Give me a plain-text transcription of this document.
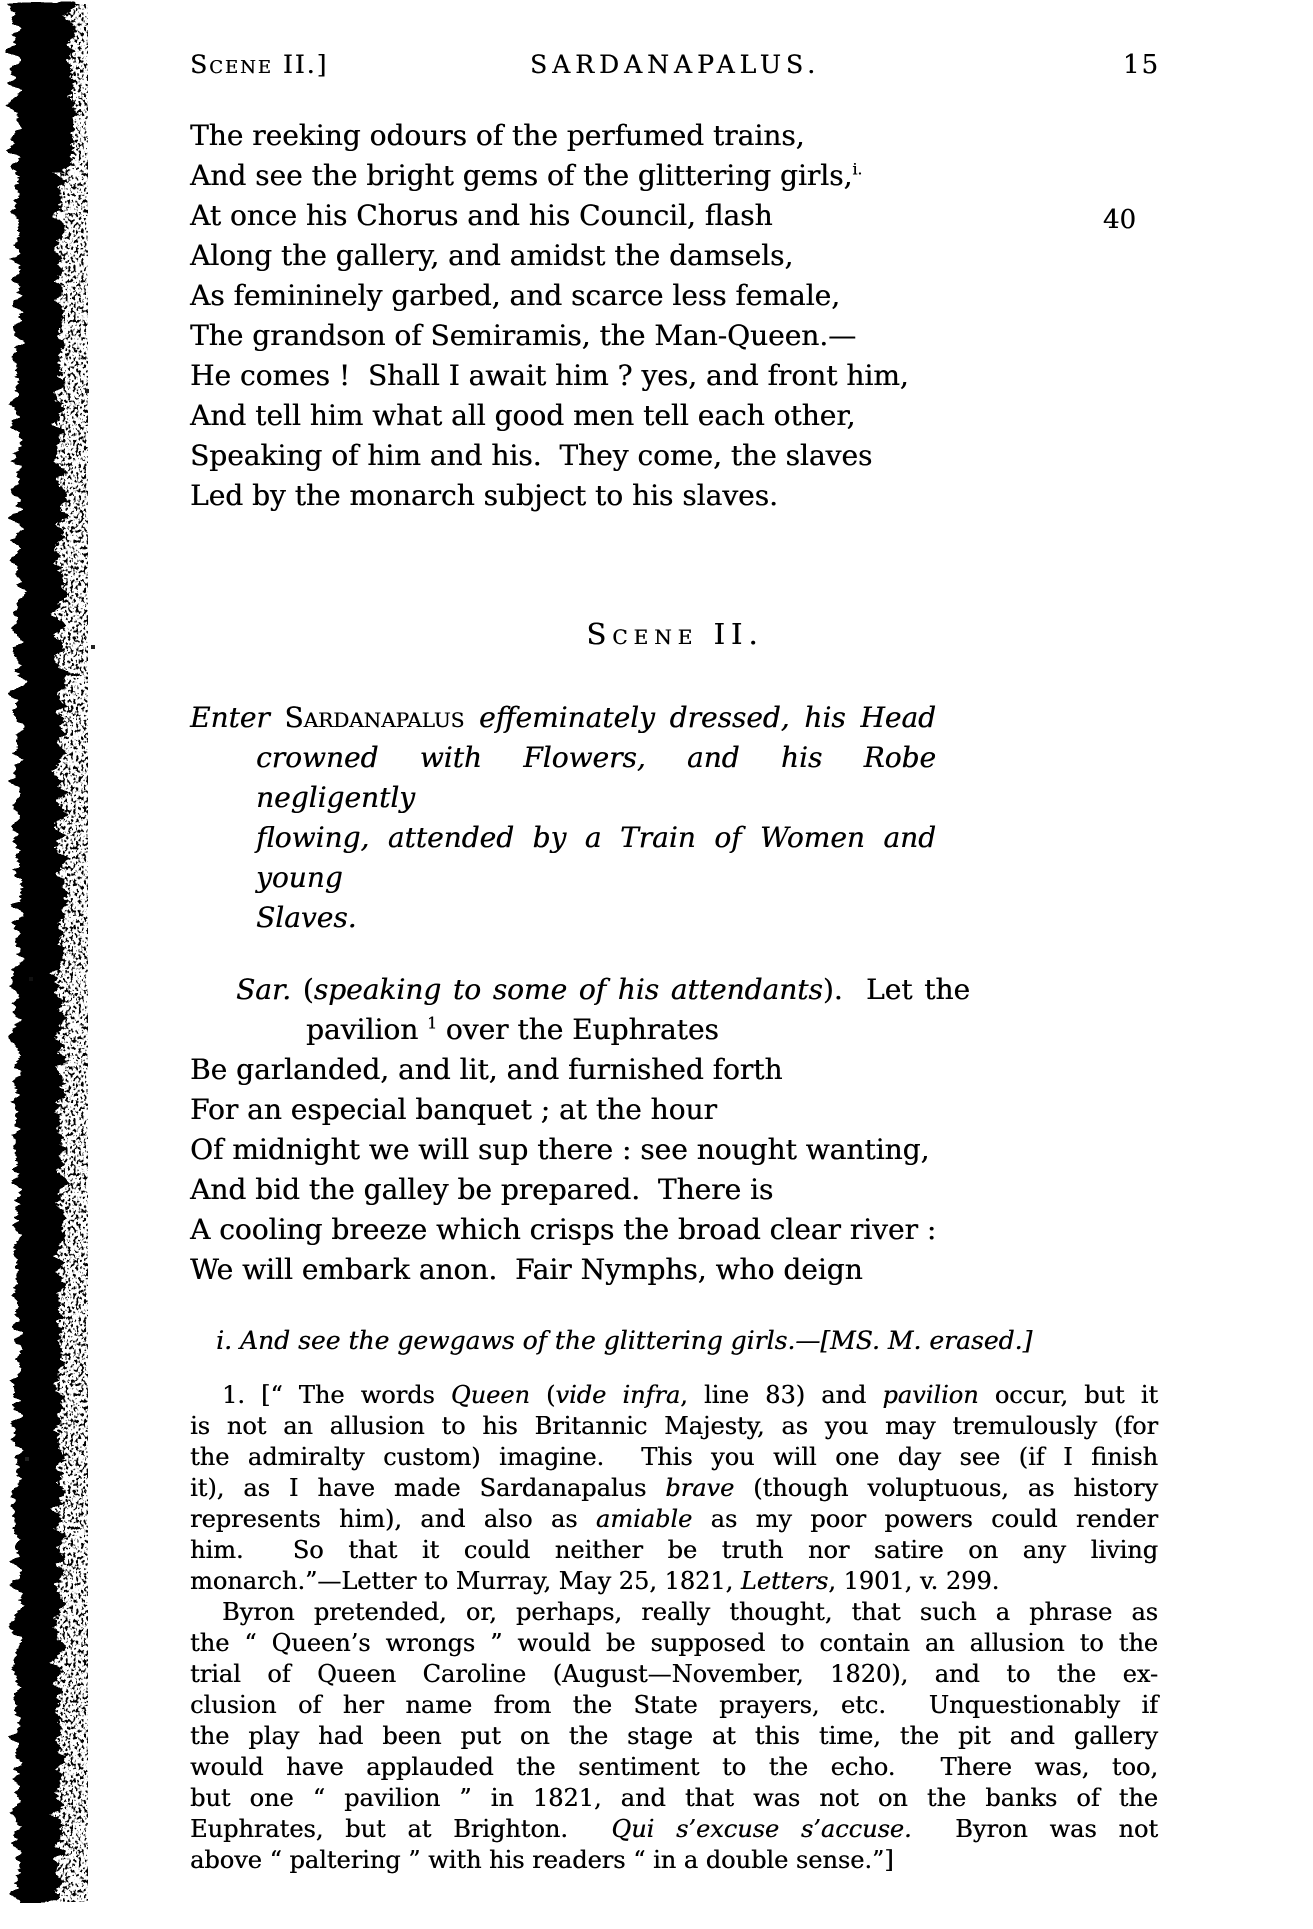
Scene II.]	SARDANAPALUS.	15
40
The reeking odours of the perfumed trains,
And see the bright gems of the glittering girls,$^{i.}$
At once his Chorus and his Council, flash
Along the gallery, and amidst the damsels,
As femininely garbed, and scarce less female,
The grandson of Semiramis, the Man-Queen.—
He comes !  Shall I await him ? yes, and front him,
And tell him what all good men tell each other,
Speaking of him and his.  They come, the slaves
Led by the monarch subject to his slaves.
Scene II.
Enter Sardanapalus effeminately dressed, his Head
crowned with Flowers, and his Robe negligently
flowing, attended by a Train of Women and young
Slaves.
Sar. (speaking to some of his attendants).  Let the
pavilion $^1$ over the Euphrates
Be garlanded, and lit, and furnished forth
For an especial banquet ; at the hour
Of midnight we will sup there : see nought wanting,
And bid the galley be prepared.  There is
A cooling breeze which crisps the broad clear river :
We will embark anon.  Fair Nymphs, who deign
i. And see the gewgaws of the glittering girls.—[MS. M. erased.]
1. [“ The words Queen (vide infra, line 83) and pavilion occur, but it
is not an allusion to his Britannic Majesty, as you may tremulously (for
the admiralty custom) imagine.  This you will one day see (if I finish
it), as I have made Sardanapalus brave (though voluptuous, as history
represents him), and also as amiable as my poor powers could render
him.  So that it could neither be truth nor satire on any living
monarch.”—Letter to Murray, May 25, 1821, Letters, 1901, v. 299.
Byron pretended, or, perhaps, really thought, that such a phrase as
the “ Queen’s wrongs ” would be supposed to contain an allusion to the
trial of Queen Caroline (August—November, 1820), and to the ex-
clusion of her name from the State prayers, etc.  Unquestionably if
the play had been put on the stage at this time, the pit and gallery
would have applauded the sentiment to the echo.  There was, too,
but one “ pavilion ” in 1821, and that was not on the banks of the
Euphrates, but at Brighton.  Qui s’excuse s’accuse.  Byron was not
above “ paltering ” with his readers “ in a double sense.”]
